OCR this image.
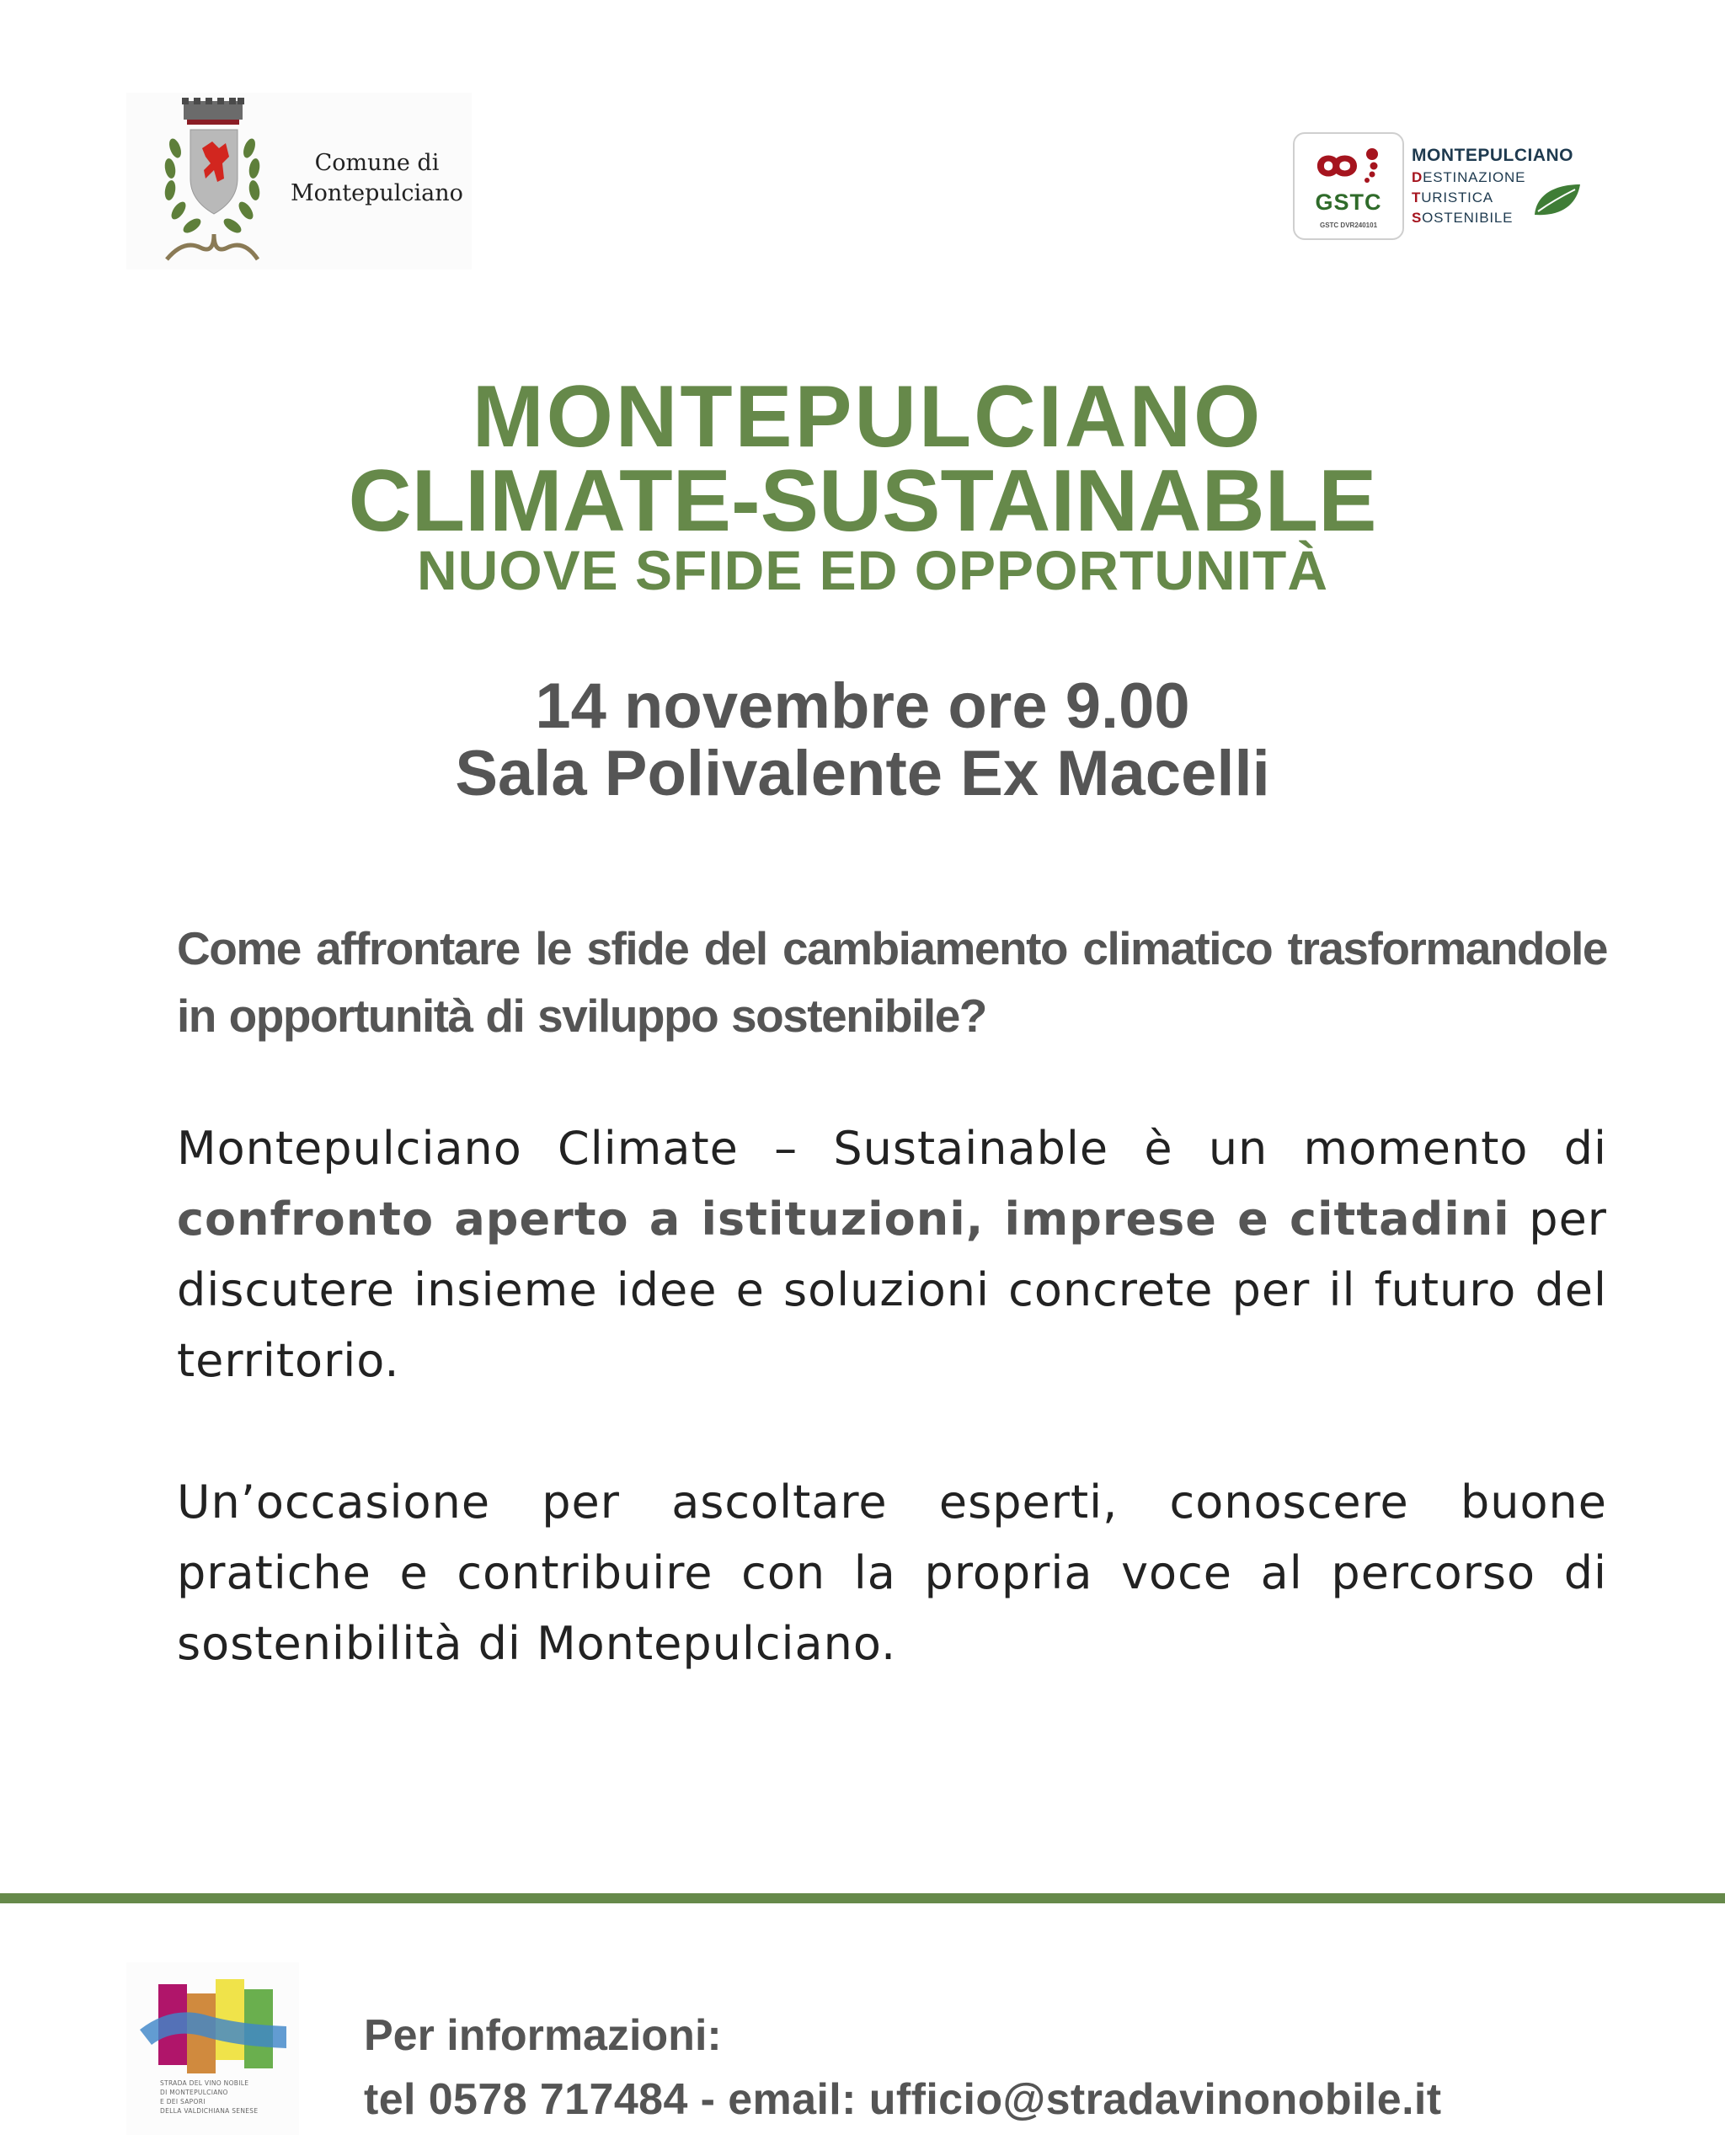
Comune di
Montepulciano	GSTC
GSTC DVR240101
MONTEPULCIANO
DESTINAZIONE
TURISTICA
SOSTENIBILE
MONTEPULCIANO
CLIMATE-SUSTAINABLE
NUOVE SFIDE ED OPPORTUNITÀ
14 novembre ore 9.00
Sala Polivalente Ex Macelli
Come affrontare le sfide del cambiamento climatico trasformandole in opportunità di sviluppo sostenibile?
Montepulciano Climate – Sustainable è un momento di confronto aperto a istituzioni, imprese e cittadini per discutere insieme idee e soluzioni concrete per il futuro del territorio.
Un’occasione per ascoltare esperti, conoscere buone pratiche e contribuire con la propria voce al percorso di sostenibilità di Montepulciano.
STRADA DEL VINO NOBILE
DI MONTEPULCIANO
E DEI SAPORI
DELLA VALDICHIANA SENESE
Per informazioni:
tel 0578 717484 - email: ufficio@stradavinonobile.it
